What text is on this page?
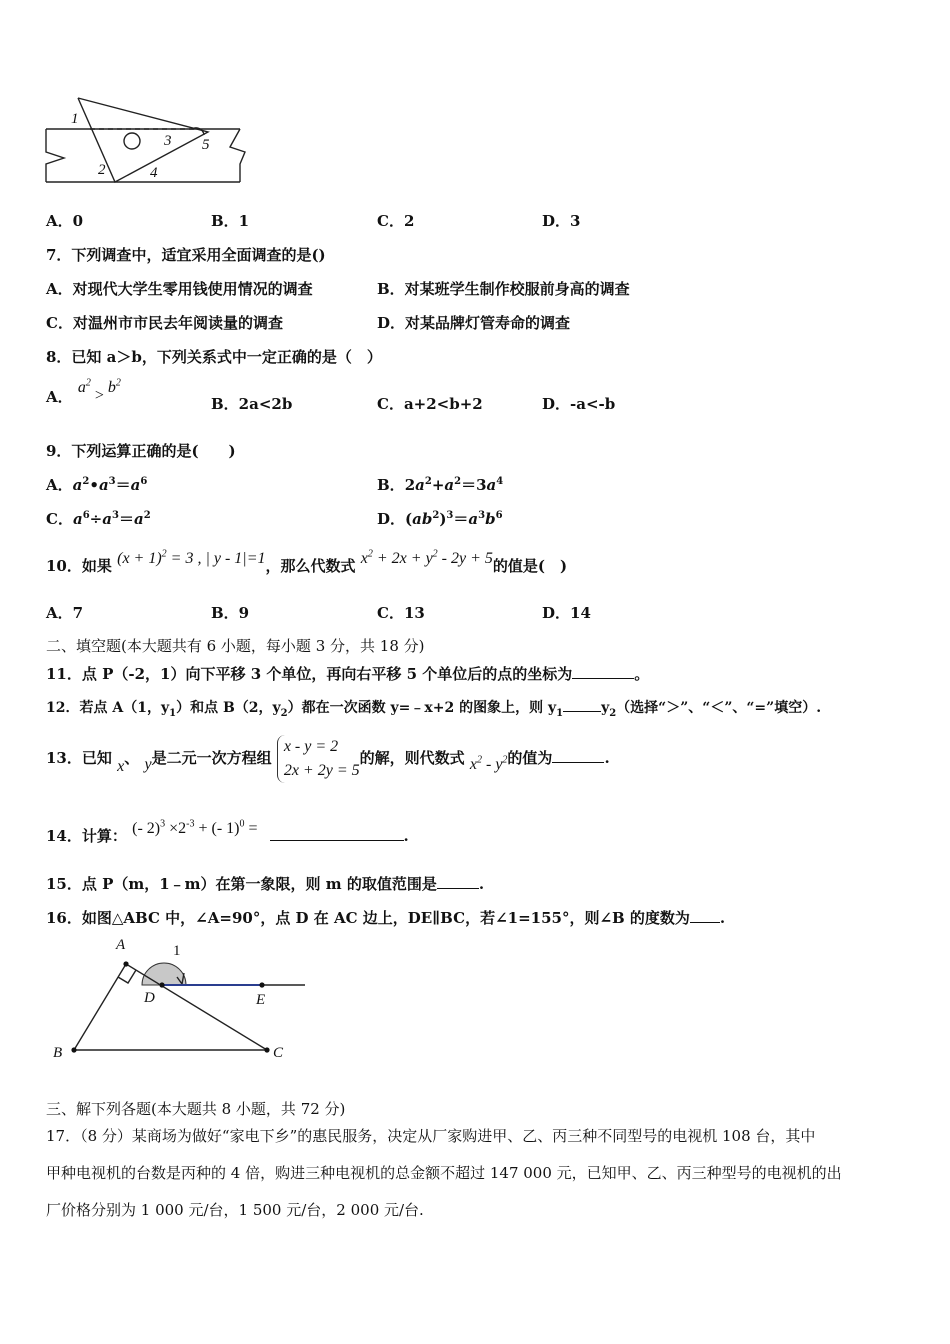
1
2
3
4
5
A．0	B．1	C．2	D．3
7．下列调查中，适宜采用全面调查的是()
A．对现代大学生零用钱使用情况的调查	B．对某班学生制作校服前身高的调查
C．对温州市市民去年阅读量的调查	D．对某品牌灯管寿命的调查
8．已知 a＞b，下列关系式中一定正确的是（　）
A． $a^2 > b^2$
B．2a<2b	C．a+2<b+2	D．-a<-b
9．下列运算正确的是(　　)
A．$a^2•a^3=a^6$	B．$2a^2+a^2=3a^4$
C．$a^6\div a^3=a^2$	D．$(ab^2)^3=a^3b^6$
10．如果 $(x + 1)^2 = 3$ , | y - 1|=1，那么代数式 $x^2 + 2x + y^2 - 2y + 5$的值是(　)
A．7	B．9	C．13	D．14
二、填空题(本大题共有 6 小题，每小题 3 分，共 18 分)
11．点 P（-2，1）向下平移 3 个单位，再向右平移 5 个单位后的点的坐标为	。
12．若点 A（1，$y_1$）和点 B（2，$y_2$）都在一次函数 y=﹣x+2 的图象上，则 $y_1$	$y_2$（选择“＞”、“＜”、“=”填空）.
13．已知 x、 y是二元一次方程组
x - y = 2
2x + 2y = 5
的解，则代数式 $x^2 - y^2$的值为	.
14．计算： (- $2)^3 \times 2^{-3}$ + (- 1)$^0$ =	.
15．点 P（m，1﹣m）在第一象限，则 m 的取值范围是	.
16．如图△ABC 中，∠A=90°，点 D 在 AC 边上，DE∥BC，若∠1=155°，则∠B 的度数为 .
A	1
D	E
B	C
三、解下列各题(本大题共 8 小题，共 72 分)
17．（8 分）某商场为做好“家电下乡”的惠民服务，决定从厂家购进甲、乙、丙三种不同型号的电视机 108 台，其中
甲种电视机的台数是丙种的 4 倍，购进三种电视机的总金额不超过 147 000 元，已知甲、乙、丙三种型号的电视机的出
厂价格分别为 1 000 元/台，1 500 元/台，2 000 元/台.
